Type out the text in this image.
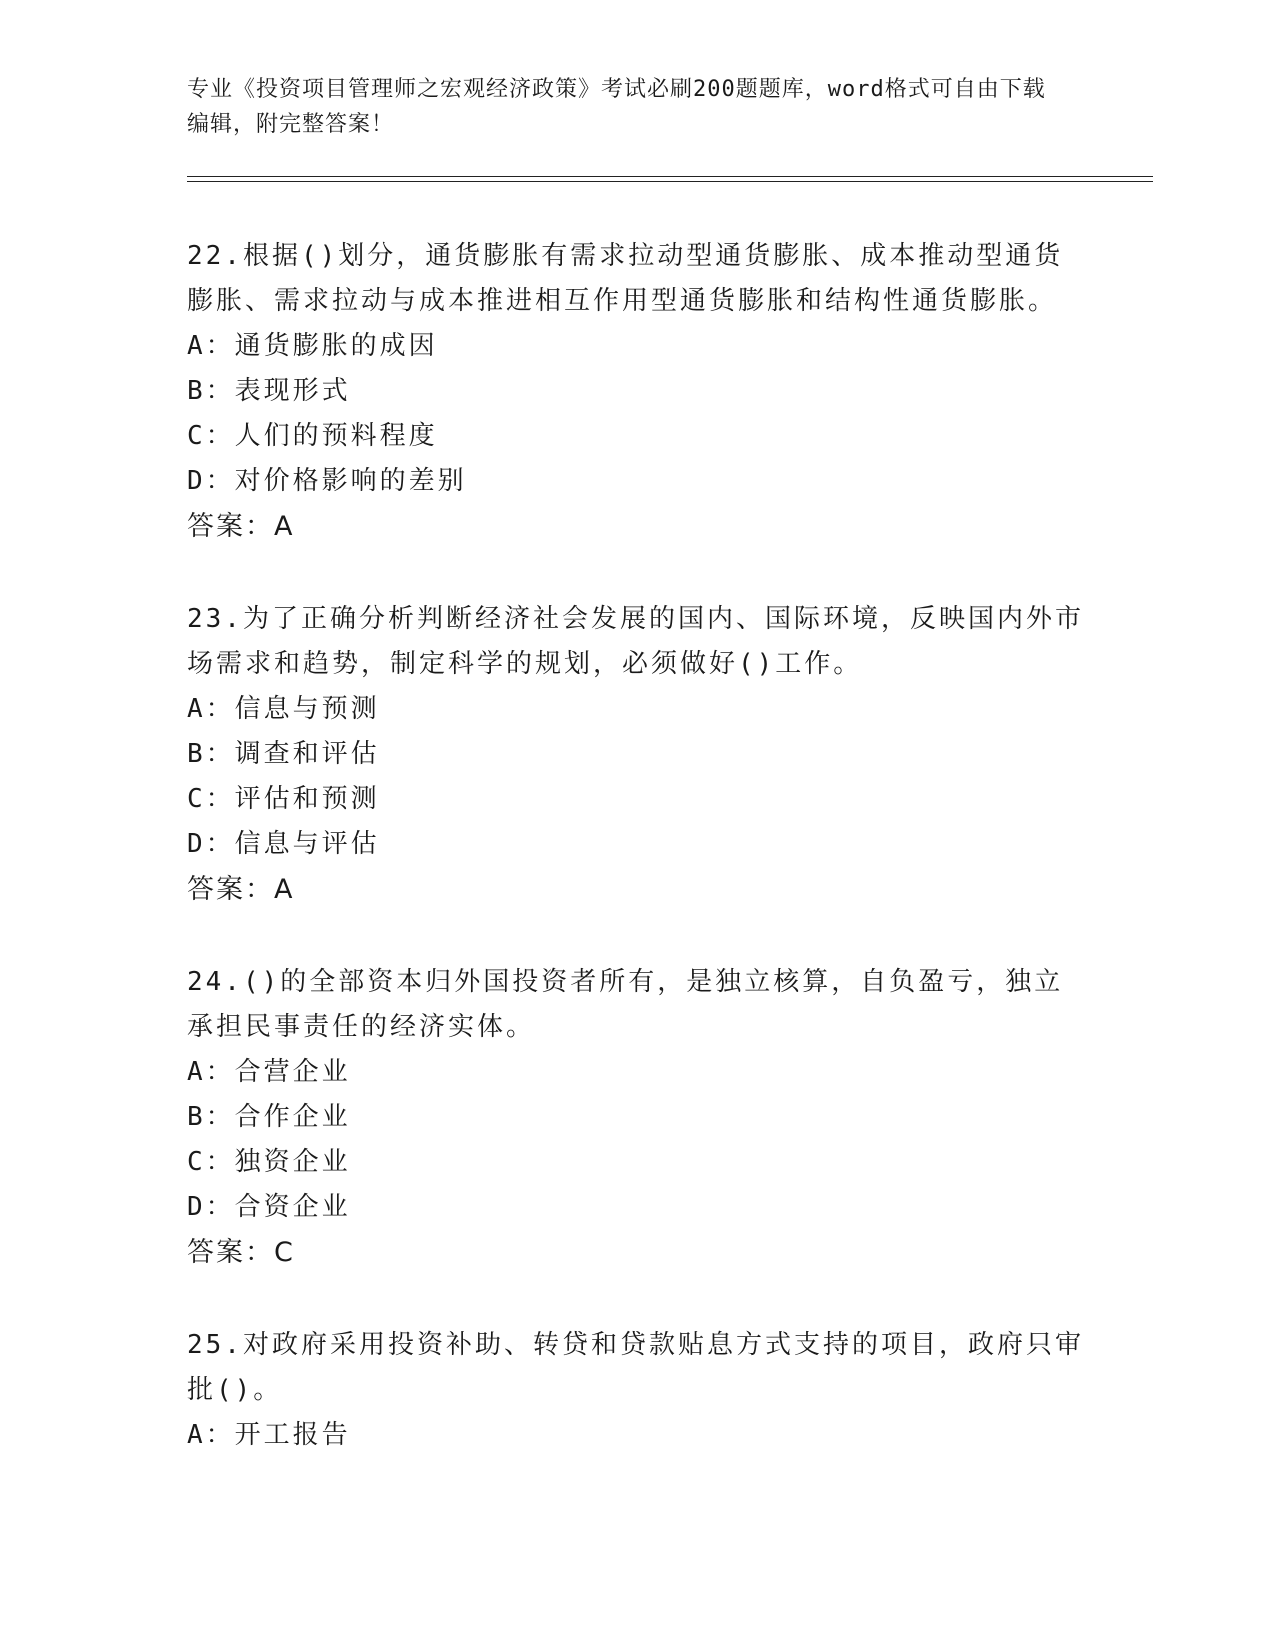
专业《投资项目管理师之宏观经济政策》考试必刷200题题库，word格式可自由下载编辑，附完整答案！

22.根据()划分，通货膨胀有需求拉动型通货膨胀、成本推动型通货膨胀、需求拉动与成本推进相互作用型通货膨胀和结构性通货膨胀。

A：通货膨胀的成因

B：表现形式

C：人们的预料程度

D：对价格影响的差别

答案：A

23.为了正确分析判断经济社会发展的国内、国际环境，反映国内外市场需求和趋势，制定科学的规划，必须做好()工作。

A：信息与预测

B：调查和评估

C：评估和预测

D：信息与评估

答案：A

24.()的全部资本归外国投资者所有，是独立核算，自负盈亏，独立承担民事责任的经济实体。

A：合营企业

B：合作企业

C：独资企业

D：合资企业

答案：C

25.对政府采用投资补助、转贷和贷款贴息方式支持的项目，政府只审批()。

A：开工报告
